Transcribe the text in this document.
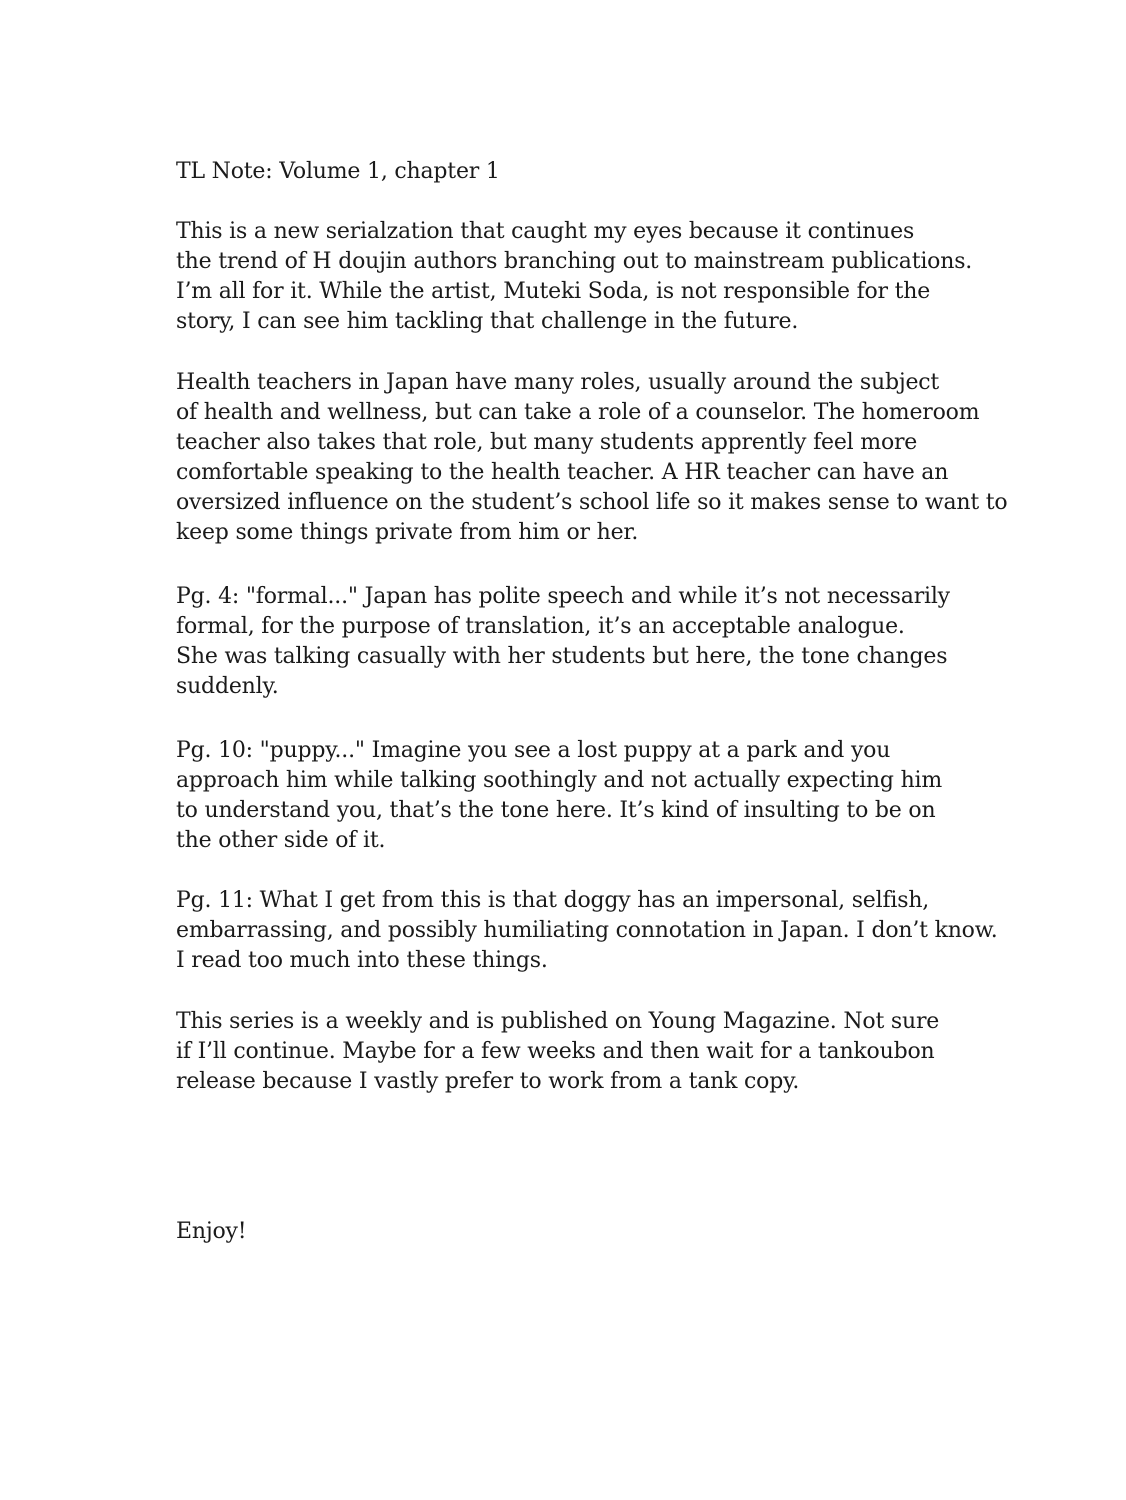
TL Note: Volume 1, chapter 1
This is a new serialzation that caught my eyes because it continues
the trend of H doujin authors branching out to mainstream publications.
I’m all for it. While the artist, Muteki Soda, is not responsible for the
story, I can see him tackling that challenge in the future.
Health teachers in Japan have many roles, usually around the subject
of health and wellness, but can take a role of a counselor. The homeroom
teacher also takes that role, but many students apprently feel more
comfortable speaking to the health teacher. A HR teacher can have an
oversized influence on the student’s school life so it makes sense to want to
keep some things private from him or her.
Pg. 4: "formal..." Japan has polite speech and while it’s not necessarily
formal, for the purpose of translation, it’s an acceptable analogue.
She was talking casually with her students but here, the tone changes
suddenly.
Pg. 10: "puppy..." Imagine you see a lost puppy at a park and you
approach him while talking soothingly and not actually expecting him
to understand you, that’s the tone here. It’s kind of insulting to be on
the other side of it.
Pg. 11: What I get from this is that doggy has an impersonal, selfish,
embarrassing, and possibly humiliating connotation in Japan. I don’t know.
I read too much into these things.
This series is a weekly and is published on Young Magazine. Not sure
if I’ll continue. Maybe for a few weeks and then wait for a tankoubon
release because I vastly prefer to work from a tank copy.
Enjoy!
